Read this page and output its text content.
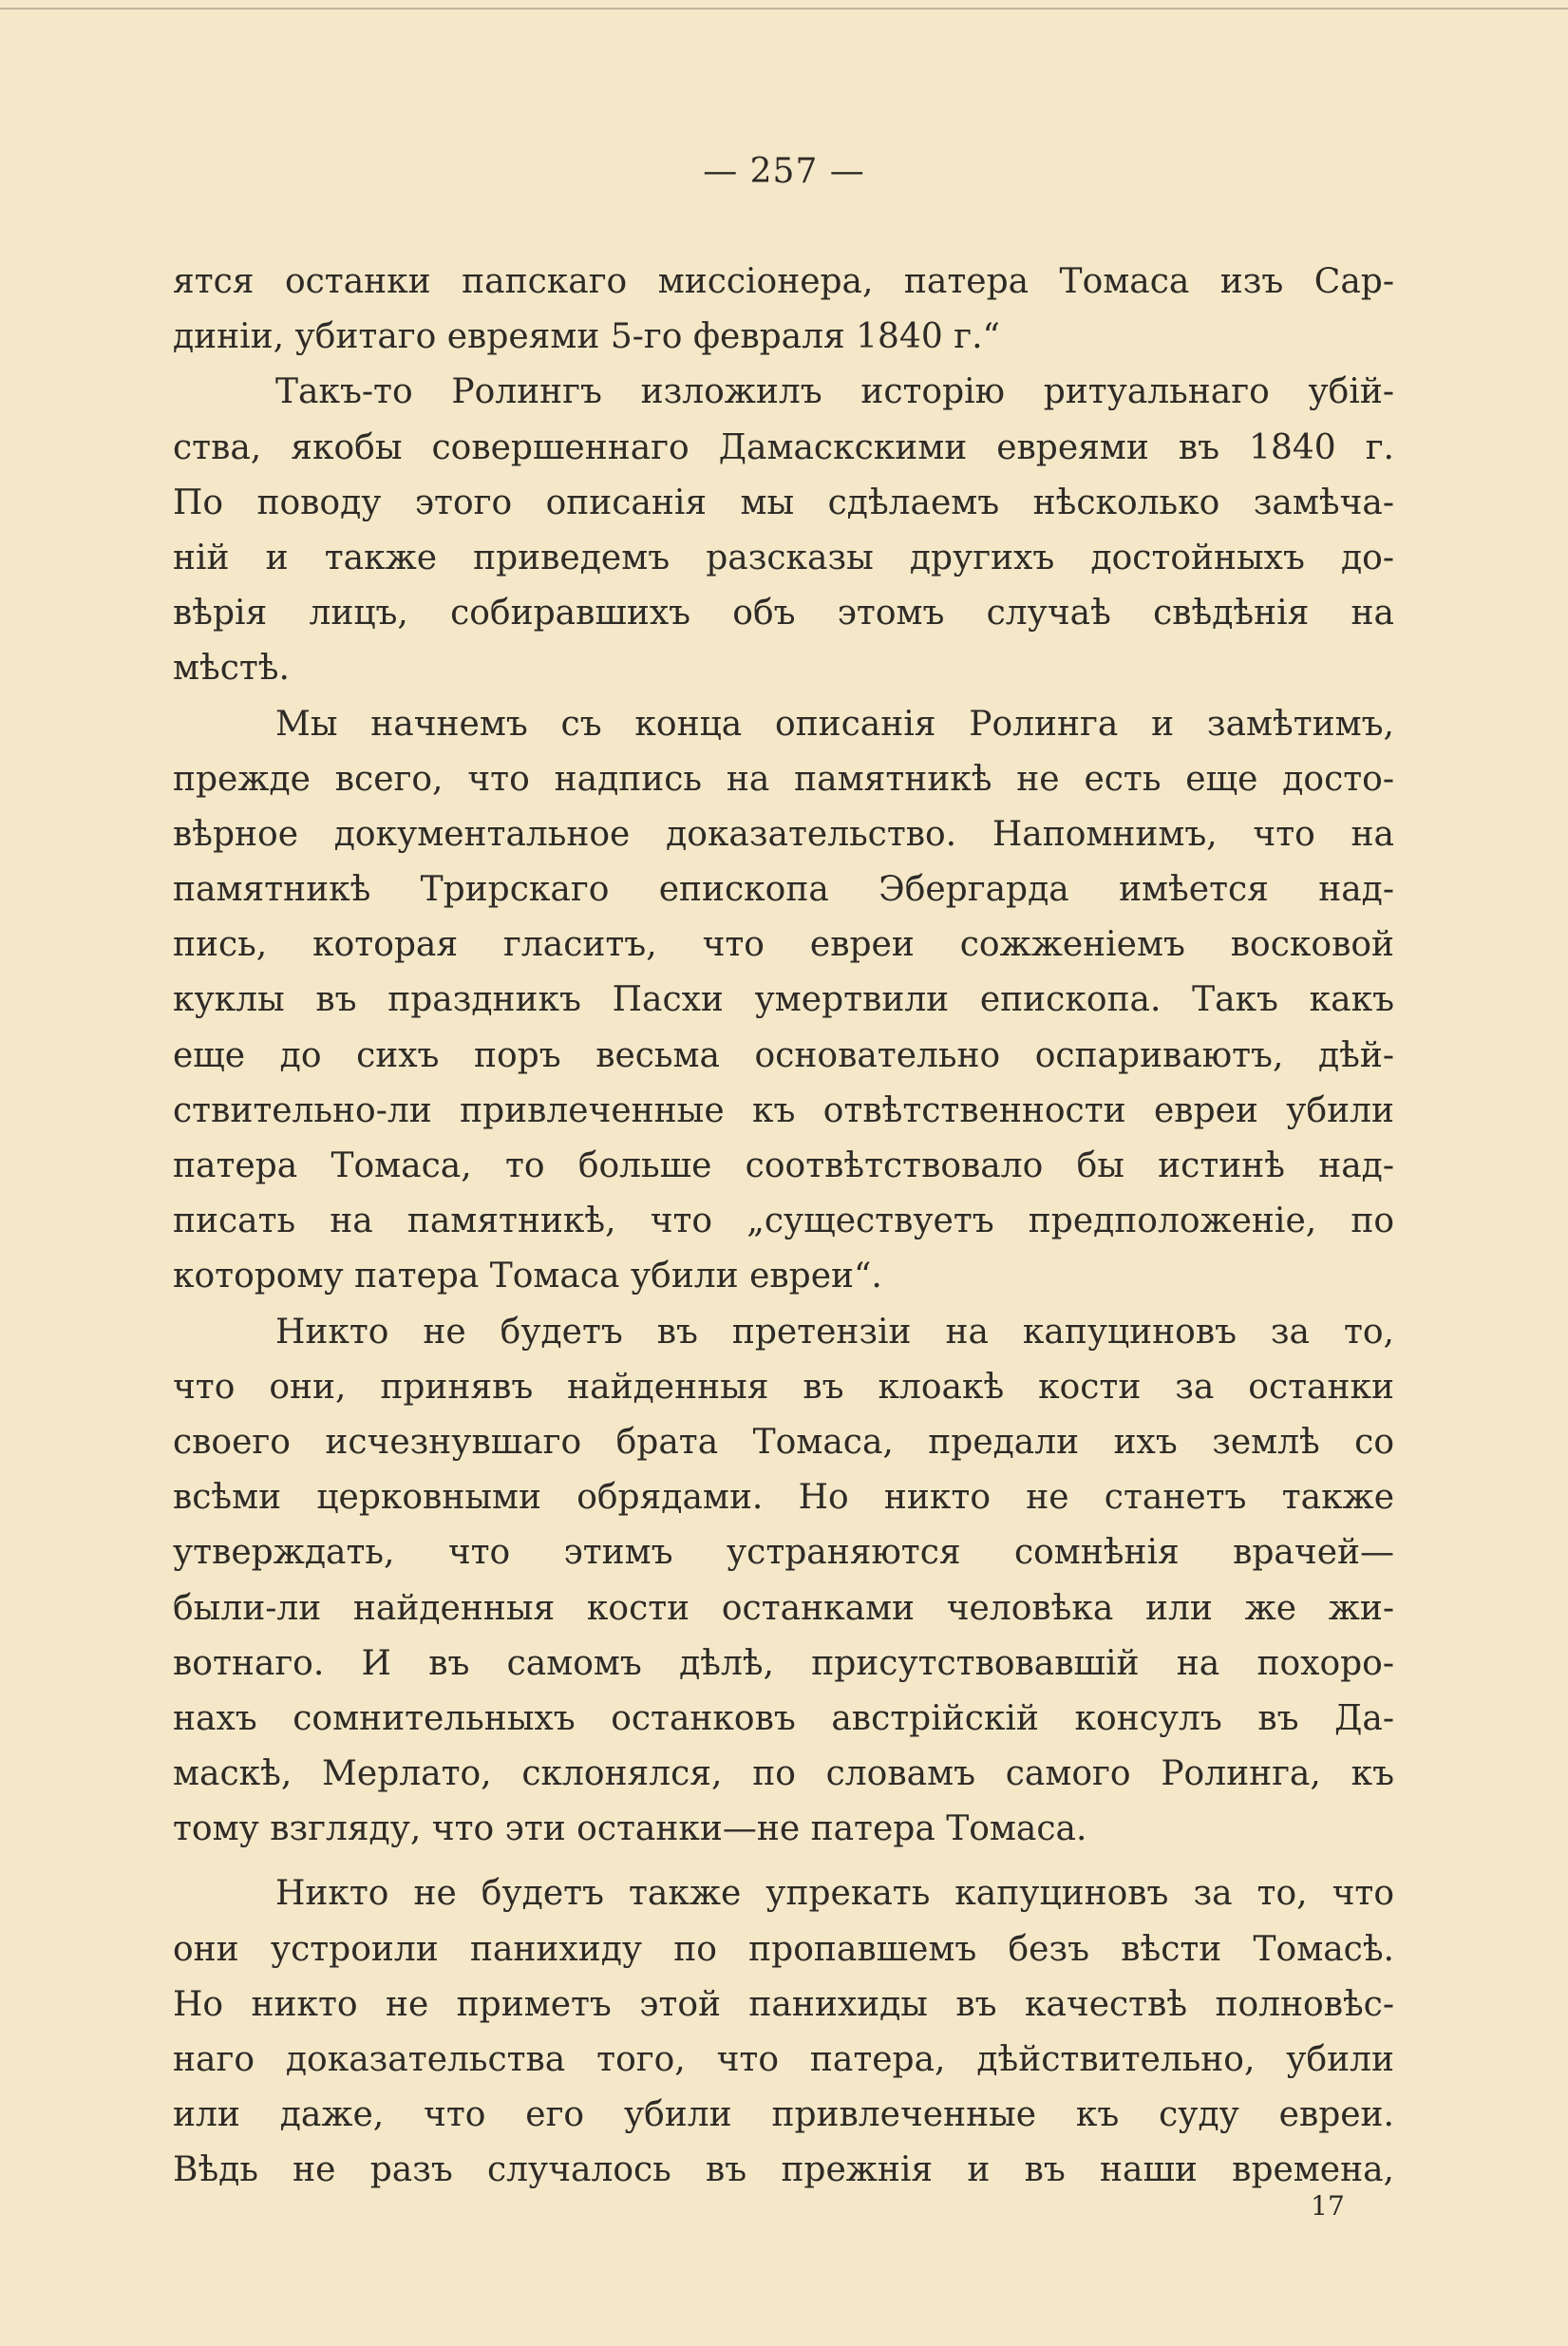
— 257 —
ятся останки папскаго миссіонера, патера Томаса изъ Сар-
диніи, убитаго евреями 5-го февраля 1840 г.“
Такъ-то Ролингъ изложилъ исторію ритуальнаго убій-
ства, якобы совершеннаго Дамаскскими евреями въ 1840 г.
По поводу этого описанія мы сдѣлаемъ нѣсколько замѣча-
ній и также приведемъ разсказы другихъ достойныхъ до-
вѣрія лицъ, собиравшихъ объ этомъ случаѣ свѣдѣнія на
мѣстѣ.
Мы начнемъ съ конца описанія Ролинга и замѣтимъ,
прежде всего, что надпись на памятникѣ не есть еще досто-
вѣрное документальное доказательство. Напомнимъ, что на
памятникѣ Трирскаго епископа Эбергарда имѣется над-
пись, которая гласитъ, что евреи сожженіемъ восковой
куклы въ праздникъ Пасхи умертвили епископа. Такъ какъ
еще до сихъ поръ весьма основательно оспариваютъ, дѣй-
ствительно-ли привлеченные къ отвѣтственности евреи убили
патера Томаса, то больше соотвѣтствовало бы истинѣ над-
писать на памятникѣ, что „существуетъ предположеніе, по
которому патера Томаса убили евреи“.
Никто не будетъ въ претензіи на капуциновъ за то,
что они, принявъ найденныя въ клоакѣ кости за останки
своего исчезнувшаго брата Томаса, предали ихъ землѣ со
всѣми церковными обрядами. Но никто не станетъ также
утверждать, что этимъ устраняются сомнѣнія врачей—
были-ли найденныя кости останками человѣка или же жи-
вотнаго. И въ самомъ дѣлѣ, присутствовавшій на похоро-
нахъ сомнительныхъ останковъ австрійскій консулъ въ Да-
маскѣ, Мерлато, склонялся, по словамъ самого Ролинга, къ
тому взгляду, что эти останки—не патера Томаса.
Никто не будетъ также упрекать капуциновъ за то, что
они устроили панихиду по пропавшемъ безъ вѣсти Томасѣ.
Но никто не приметъ этой панихиды въ качествѣ полновѣс-
наго доказательства того, что патера, дѣйствительно, убили
или даже, что его убили привлеченные къ суду евреи.
Вѣдь не разъ случалось въ прежнія и въ наши времена,
17
